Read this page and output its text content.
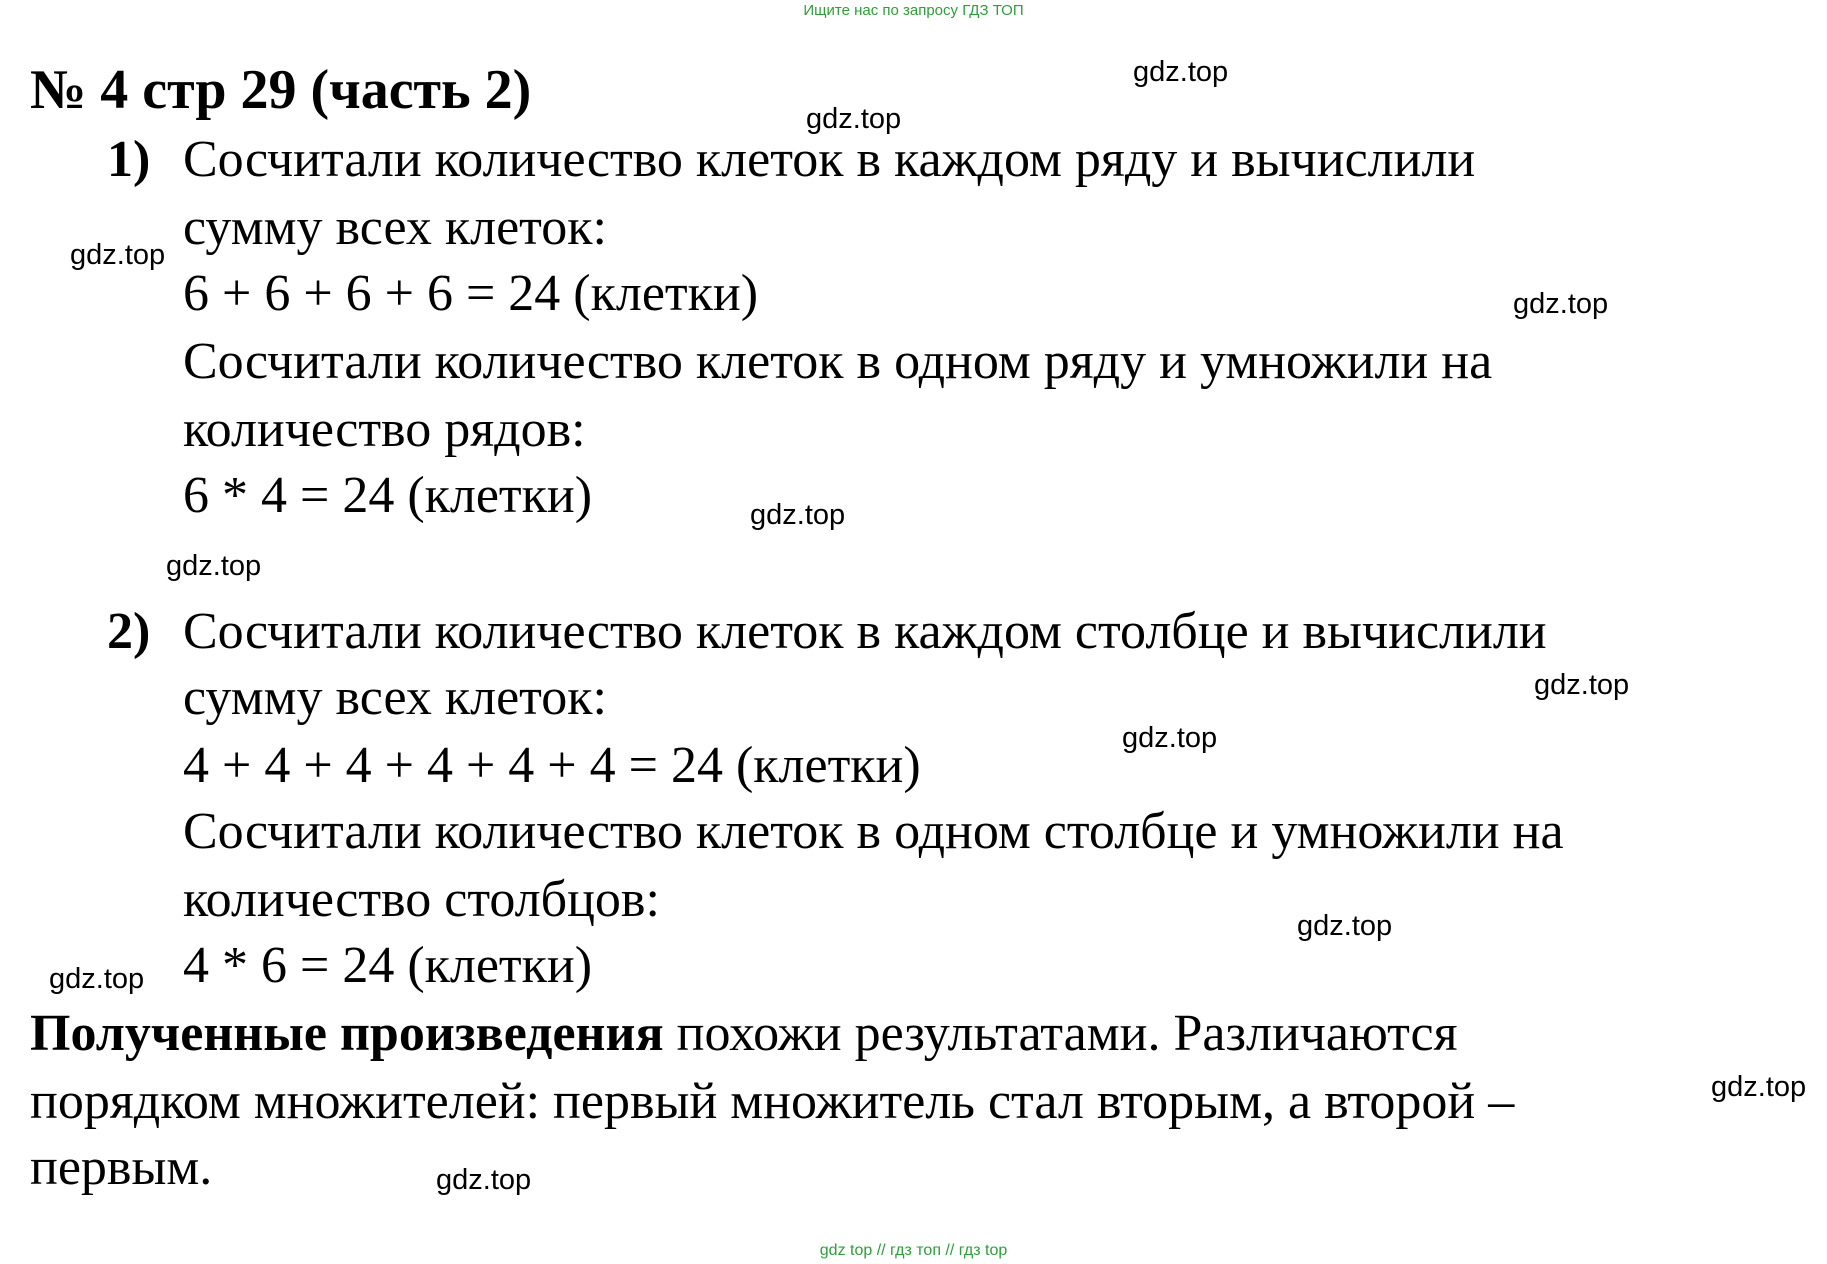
Ищите нас по запросу ГДЗ ТОП
№ 4 стр 29 (часть 2)
1) Сосчитали количество клеток в каждом ряду и вычислили
сумму всех клеток:
6 + 6 + 6 + 6 = 24 (клетки)
Сосчитали количество клеток в одном ряду и умножили на
количество рядов:
6 * 4 = 24 (клетки)
2) Сосчитали количество клеток в каждом столбце и вычислили
сумму всех клеток:
4 + 4 + 4 + 4 + 4 + 4 = 24 (клетки)
Сосчитали количество клеток в одном столбце и умножили на
количество столбцов:
4 * 6 = 24 (клетки)
Полученные произведения похожи результатами. Различаются
порядком множителей: первый множитель стал вторым, а второй –
первым.
gdz.top
gdz.top
gdz.top
gdz.top
gdz.top
gdz.top
gdz.top
gdz.top
gdz.top
gdz.top
gdz.top
gdz.top
gdz top // гдз топ // гдз top
